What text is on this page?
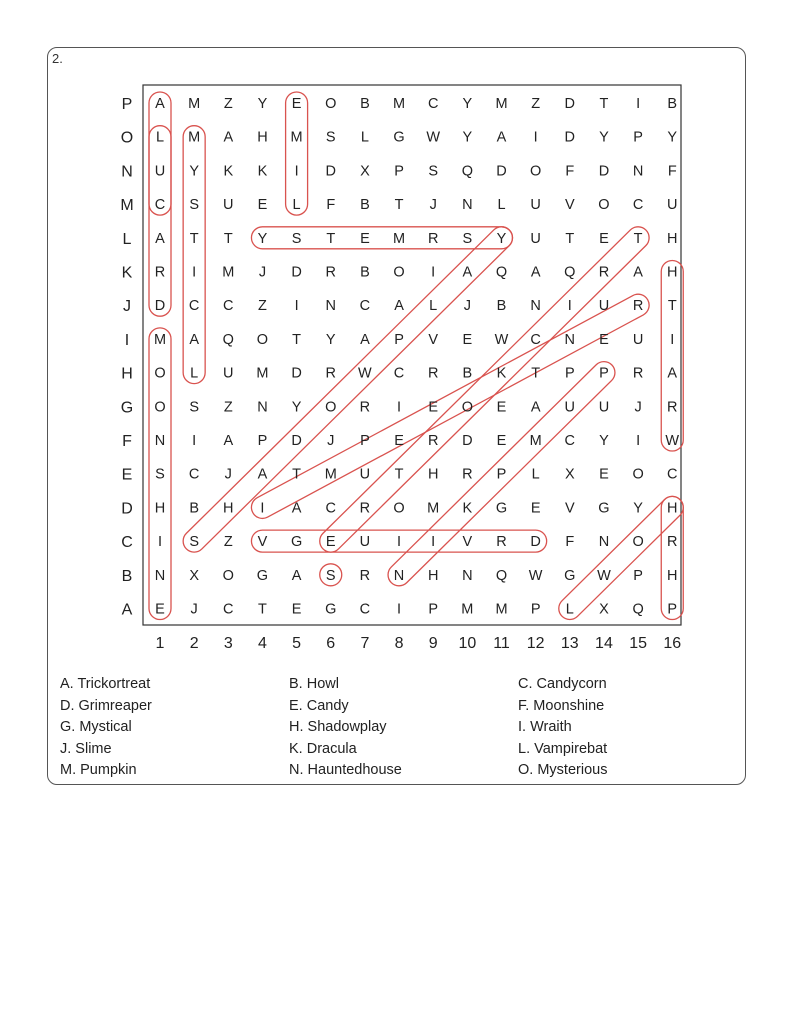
2.
A M Z Y E O B M C Y M Z D T I B
L M A H M S L G W Y A I D Y P Y
U Y K K I D X P S Q D O F D N F
C S U E L F B T J N L U V O C U
A T T Y S T E M R S Y U T E T H
R I M J D R B O I A Q A Q R A H
D C C Z I N C A L J B N I U R T
M A Q O T Y A P V E W C N E U I
O L U M D R W C R B K T P P R A
O S Z N Y O R I E O E A U U J R
N I A P D J P E R D E M C Y I W
S C J A T M U T H R P L X E O C
H B H I A C R O M K G E V G Y H
I S Z V G E U I I V R D F N O R
N X O G A S R N H N Q W G W P H
E J C T E G C I P M M P L X Q P
P
O
N
M
L
K
J
I
H
G
F
E
D
C
B
A
1 2 3 4 5 6 7 8 9 10 11 12 13 14 15 16
A. Trickortreat	B. Howl	C. Candycorn
D. Grimreaper	E. Candy	F. Moonshine
G. Mystical	H. Shadowplay	I. Wraith
J. Slime	K. Dracula	L. Vampirebat
M. Pumpkin	N. Hauntedhouse	O. Mysterious
